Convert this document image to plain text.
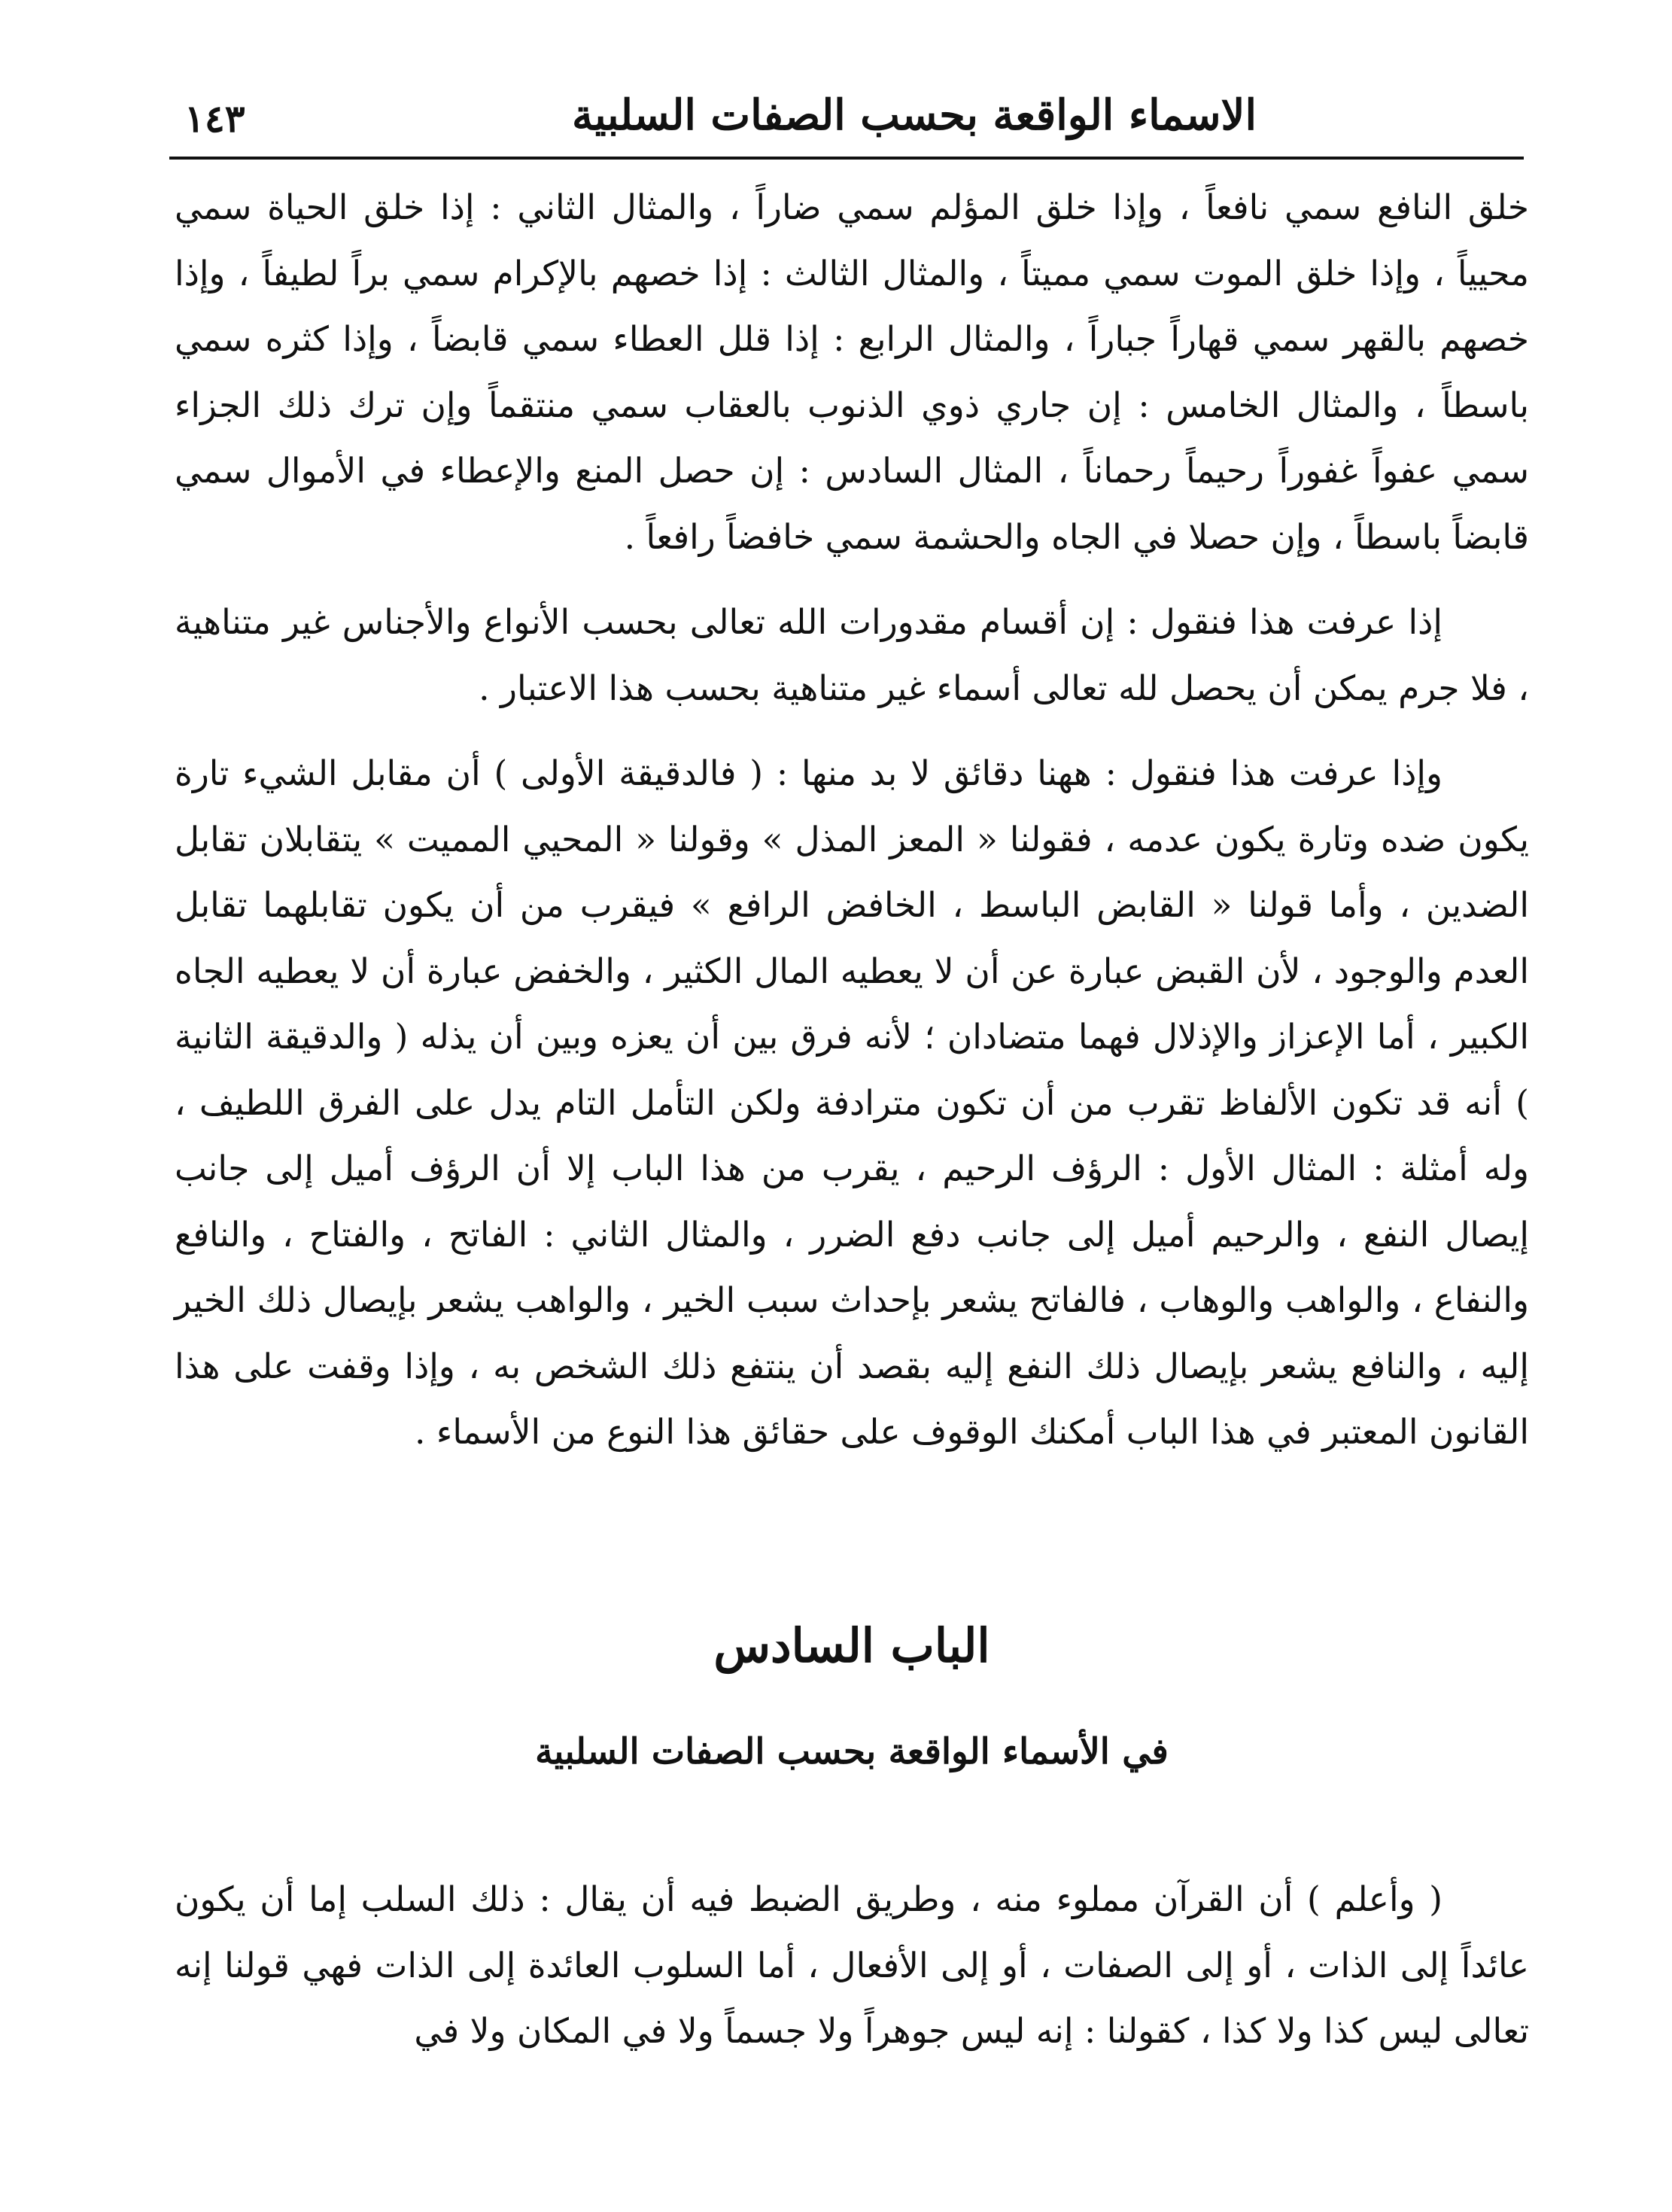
١٤٣	الاسماء الواقعة بحسب الصفات السلبية

خلق النافع سمي نافعاً ، وإذا خلق المؤلم سمي ضاراً ، والمثال الثاني : إذا خلق الحياة سمي محيياً ، وإذا خلق الموت سمي مميتاً ، والمثال الثالث : إذا خصهم بالإكرام سمي براً لطيفاً ، وإذا خصهم بالقهر سمي قهاراً جباراً ، والمثال الرابع : إذا قلل العطاء سمي قابضاً ، وإذا كثره سمي باسطاً ، والمثال الخامس : إن جاري ذوي الذنوب بالعقاب سمي منتقماً وإن ترك ذلك الجزاء سمي عفواً غفوراً رحيماً رحماناً ، المثال السادس : إن حصل المنع والإعطاء في الأموال سمي قابضاً باسطاً ، وإن حصلا في الجاه والحشمة سمي خافضاً رافعاً .

إذا عرفت هذا فنقول : إن أقسام مقدورات الله تعالى بحسب الأنواع والأجناس غير متناهية ، فلا جرم يمكن أن يحصل لله تعالى أسماء غير متناهية بحسب هذا الاعتبار .

وإذا عرفت هذا فنقول : ههنا دقائق لا بد منها : ( فالدقيقة الأولى ) أن مقابل الشيء تارة يكون ضده وتارة يكون عدمه ، فقولنا « المعز المذل » وقولنا « المحيي المميت » يتقابلان تقابل الضدين ، وأما قولنا « القابض الباسط ، الخافض الرافع » فيقرب من أن يكون تقابلهما تقابل العدم والوجود ، لأن القبض عبارة عن أن لا يعطيه المال الكثير ، والخفض عبارة أن لا يعطيه الجاه الكبير ، أما الإعزاز والإذلال فهما متضادان ؛ لأنه فرق بين أن يعزه وبين أن يذله ( والدقيقة الثانية ) أنه قد تكون الألفاظ تقرب من أن تكون مترادفة ولكن التأمل التام يدل على الفرق اللطيف ، وله أمثلة : المثال الأول : الرؤف الرحيم ، يقرب من هذا الباب إلا أن الرؤف أميل إلى جانب إيصال النفع ، والرحيم أميل إلى جانب دفع الضرر ، والمثال الثاني : الفاتح ، والفتاح ، والنافع والنفاع ، والواهب والوهاب ، فالفاتح يشعر بإحداث سبب الخير ، والواهب يشعر بإيصال ذلك الخير إليه ، والنافع يشعر بإيصال ذلك النفع إليه بقصد أن ينتفع ذلك الشخص به ، وإذا وقفت على هذا القانون المعتبر في هذا الباب أمكنك الوقوف على حقائق هذا النوع من الأسماء .

الباب السادس
في الأسماء الواقعة بحسب الصفات السلبية

( وأعلم ) أن القرآن مملوء منه ، وطريق الضبط فيه أن يقال : ذلك السلب إما أن يكون عائداً إلى الذات ، أو إلى الصفات ، أو إلى الأفعال ، أما السلوب العائدة إلى الذات فهي قولنا إنه تعالى ليس كذا ولا كذا ، كقولنا : إنه ليس جوهراً ولا جسماً ولا في المكان ولا في
